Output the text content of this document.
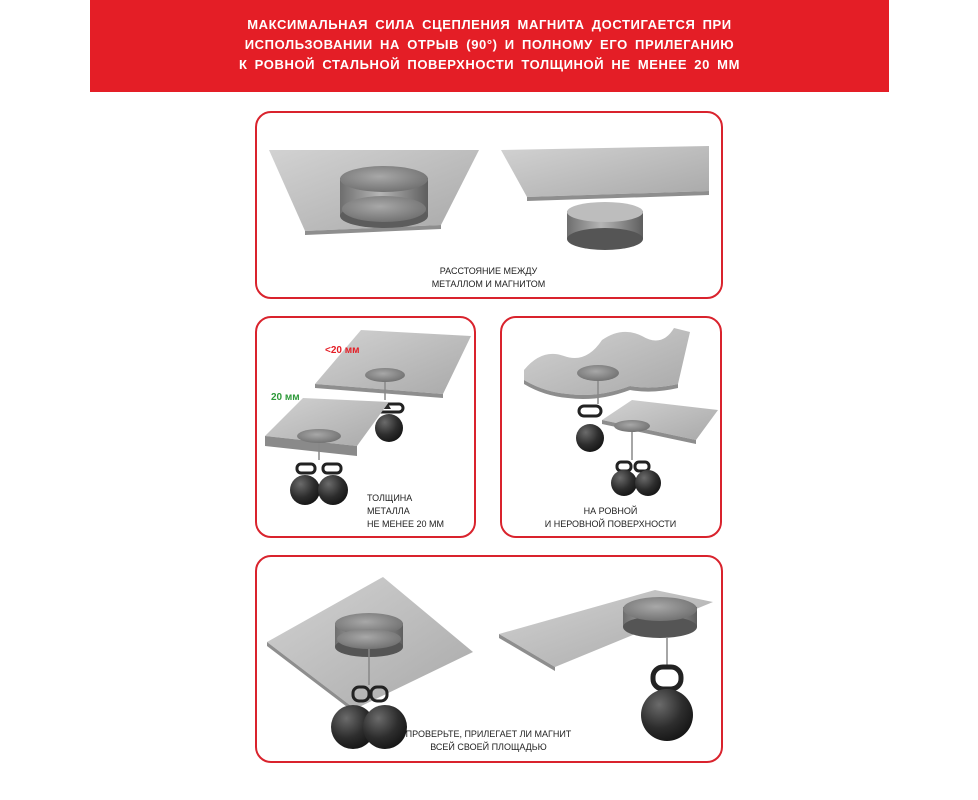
МАКСИМАЛЬНАЯ СИЛА СЦЕПЛЕНИЯ МАГНИТА ДОСТИГАЕТСЯ ПРИ
ИСПОЛЬЗОВАНИИ НА ОТРЫВ (90°) И ПОЛНОМУ ЕГО ПРИЛЕГАНИЮ
К РОВНОЙ СТАЛЬНОЙ ПОВЕРХНОСТИ ТОЛЩИНОЙ НЕ МЕНЕЕ 20 ММ
РАССТОЯНИЕ МЕЖДУ
МЕТАЛЛОМ И МАГНИТОМ
<20 мм
20 мм
ТОЛЩИНА
МЕТАЛЛА
НЕ МЕНЕЕ 20 ММ
НА РОВНОЙ
И НЕРОВНОЙ ПОВЕРХНОСТИ
ПРОВЕРЬТЕ, ПРИЛЕГАЕТ ЛИ МАГНИТ
ВСЕЙ СВОЕЙ ПЛОЩАДЬЮ
